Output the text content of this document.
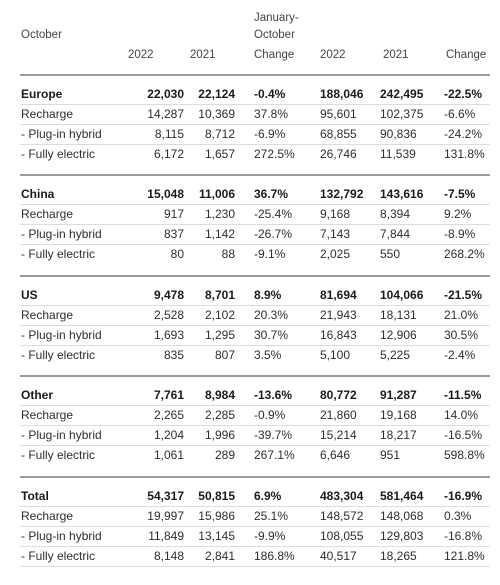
October
January-
October
2022	2021	Change 2022	2021	Change
Europe	22,030	22,124 -0.4%	188,046 242,495 -22.5%
Recharge	14,287	10,369 37.8%	95,601 102,375 -6.6%
- Plug-in hybrid	8,115	8,712 -6.9%	68,855 90,836 -24.2%
- Fully electric	6,172	1,657 272.5% 26,746 11,539 131.8%
China	15,048	11,006 36.7%	132,792 143,616 -7.5%
Recharge	917	1,230 -25.4% 9,168 8,394	9.2%
- Plug-in hybrid	837	1,142 -26.7% 7,143 7,844	-8.9%
- Fully electric	80	88 -9.1%	2,025 550	268.2%
US	9,478	8,701 8.9%	81,694 104,066 -21.5%
Recharge	2,528	2,102 20.3%	21,943 18,131 21.0%
- Plug-in hybrid	1,693	1,295 30.7%	16,843 12,906 30.5%
- Fully electric	835	807 3.5%	5,100 5,225	-2.4%
Other	7,761	8,984 -13.6% 80,772 91,287 -11.5%
Recharge	2,265	2,285 -0.9%	21,860 19,168 14.0%
- Plug-in hybrid	1,204	1,996 -39.7% 15,214 18,217 -16.5%
- Fully electric	1,061	289 267.1% 6,646 951	598.8%
Total	54,317	50,815 6.9%	483,304 581,464 -16.9%
Recharge	19,997	15,986 25.1%	148,572 148,068 0.3%
- Plug-in hybrid	11,849	13,145 -9.9%	108,055 129,803 -16.8%
- Fully electric	8,148	2,841 186.8% 40,517 18,265 121.8%
